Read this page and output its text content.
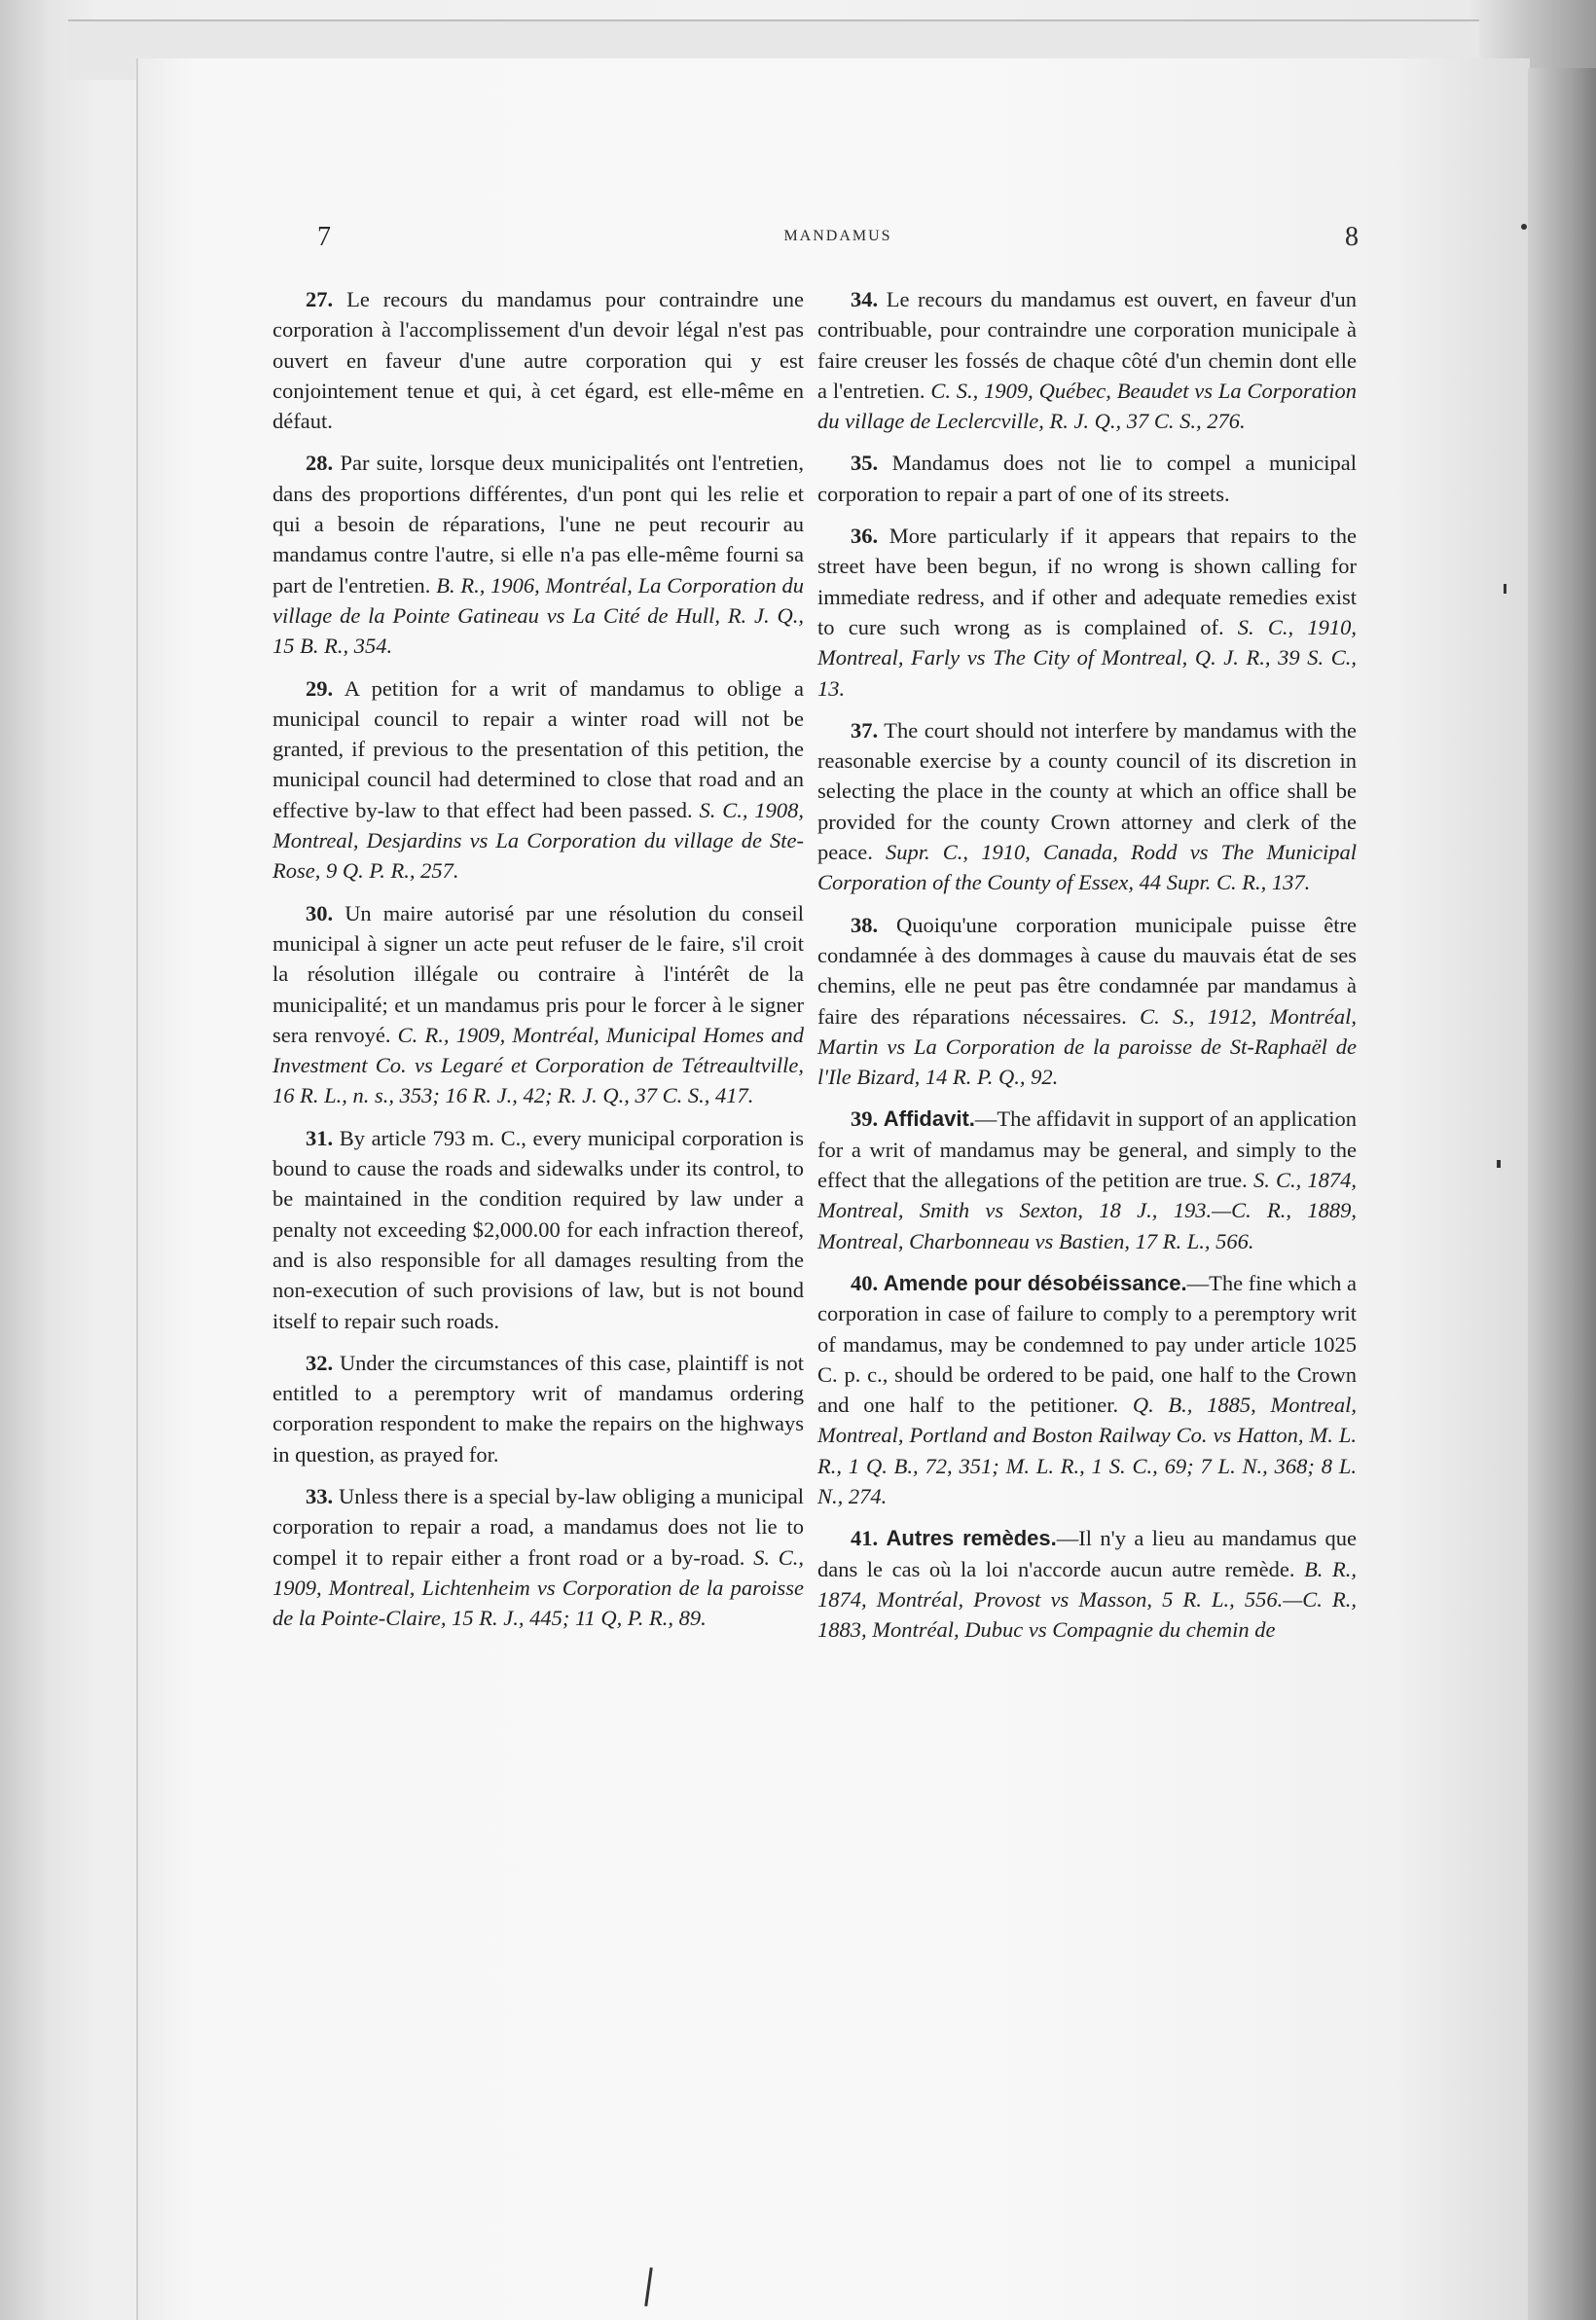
7	MANDAMUS	8

27. Le recours du mandamus pour contraindre une corporation à l'accomplissement d'un devoir légal n'est pas ouvert en faveur d'une autre corporation qui y est conjointement tenue et qui, à cet égard, est elle-même en défaut.

28. Par suite, lorsque deux municipalités ont l'entretien, dans des proportions différentes, d'un pont qui les relie et qui a besoin de réparations, l'une ne peut recourir au mandamus contre l'autre, si elle n'a pas elle-même fourni sa part de l'entretien. B. R., 1906, Montréal, La Corporation du village de la Pointe Gatineau vs La Cité de Hull, R. J. Q., 15 B. R., 354.

29. A petition for a writ of mandamus to oblige a municipal council to repair a winter road will not be granted, if previous to the presentation of this petition, the municipal council had determined to close that road and an effective by-law to that effect had been passed. S. C., 1908, Montreal, Desjardins vs La Corporation du village de Ste-Rose, 9 Q. P. R., 257.

30. Un maire autorisé par une résolution du conseil municipal à signer un acte peut refuser de le faire, s'il croit la résolution illégale ou contraire à l'intérêt de la municipalité; et un mandamus pris pour le forcer à le signer sera renvoyé. C. R., 1909, Montréal, Municipal Homes and Investment Co. vs Legaré et Corporation de Tétreaultville, 16 R. L., n. s., 353; 16 R. J., 42; R. J. Q., 37 C. S., 417.

31. By article 793 m. C., every municipal corporation is bound to cause the roads and sidewalks under its control, to be maintained in the condition required by law under a penalty not exceeding $2,000.00 for each infraction thereof, and is also responsible for all damages resulting from the non-execution of such provisions of law, but is not bound itself to repair such roads.

32. Under the circumstances of this case, plaintiff is not entitled to a peremptory writ of mandamus ordering corporation respondent to make the repairs on the highways in question, as prayed for.

33. Unless there is a special by-law obliging a municipal corporation to repair a road, a mandamus does not lie to compel it to repair either a front road or a by-road. S. C., 1909, Montreal, Lichtenheim vs Corporation de la paroisse de la Pointe-Claire, 15 R. J., 445; 11 Q, P. R., 89.

34. Le recours du mandamus est ouvert, en faveur d'un contribuable, pour contraindre une corporation municipale à faire creuser les fossés de chaque côté d'un chemin dont elle a l'entretien. C. S., 1909, Québec, Beaudet vs La Corporation du village de Leclercville, R. J. Q., 37 C. S., 276.

35. Mandamus does not lie to compel a municipal corporation to repair a part of one of its streets.

36. More particularly if it appears that repairs to the street have been begun, if no wrong is shown calling for immediate redress, and if other and adequate remedies exist to cure such wrong as is complained of. S. C., 1910, Montreal, Farly vs The City of Montreal, Q. J. R., 39 S. C., 13.

37. The court should not interfere by mandamus with the reasonable exercise by a county council of its discretion in selecting the place in the county at which an office shall be provided for the county Crown attorney and clerk of the peace. Supr. C., 1910, Canada, Rodd vs The Municipal Corporation of the County of Essex, 44 Supr. C. R., 137.

38. Quoiqu'une corporation municipale puisse être condamnée à des dommages à cause du mauvais état de ses chemins, elle ne peut pas être condamnée par mandamus à faire des réparations nécessaires. C. S., 1912, Montréal, Martin vs La Corporation de la paroisse de St-Raphaël de l'Ile Bizard, 14 R. P. Q., 92.

39. Affidavit.—The affidavit in support of an application for a writ of mandamus may be general, and simply to the effect that the allegations of the petition are true. S. C., 1874, Montreal, Smith vs Sexton, 18 J., 193.—C. R., 1889, Montreal, Charbonneau vs Bastien, 17 R. L., 566.

40. Amende pour désobéissance.—The fine which a corporation in case of failure to comply to a peremptory writ of mandamus, may be condemned to pay under article 1025 C. p. c., should be ordered to be paid, one half to the Crown and one half to the petitioner. Q. B., 1885, Montreal, Montreal, Portland and Boston Railway Co. vs Hatton, M. L. R., 1 Q. B., 72, 351; M. L. R., 1 S. C., 69; 7 L. N., 368; 8 L. N., 274.

41. Autres remèdes.—Il n'y a lieu au mandamus que dans le cas où la loi n'accorde aucun autre remède. B. R., 1874, Montréal, Provost vs Masson, 5 R. L., 556.—C. R., 1883, Montréal, Dubuc vs Compagnie du chemin de
